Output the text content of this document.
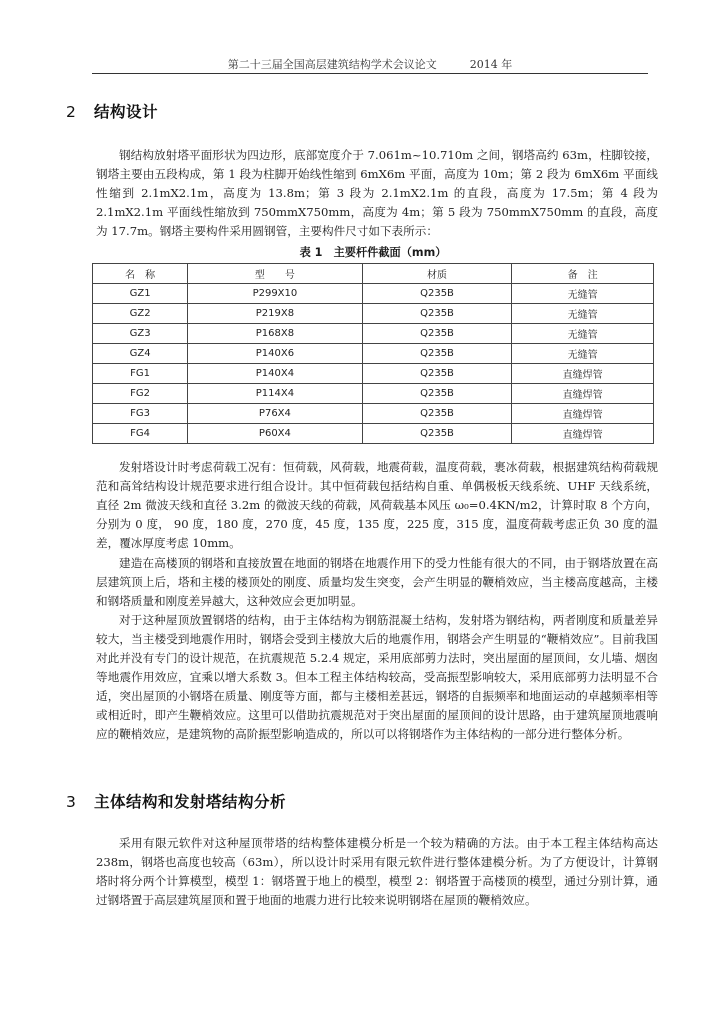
第二十三届全国高层建筑结构学术会议论文　　　2014 年
2 结构设计

钢结构放射塔平面形状为四边形，底部宽度介于 7.061m~10.710m 之间，钢塔高约 63m，柱脚铰接，钢塔主要由五段构成，第 1 段为柱脚开始线性缩到 6mX6m 平面，高度为 10m；第 2 段为 6mX6m 平面线性缩到 2.1mX2.1m，高度为 13.8m；第 3 段为 2.1mX2.1m 的直段，高度为 17.5m；第 4 段为 2.1mX2.1m 平面线性缩放到 750mmX750mm，高度为 4m；第 5 段为 750mmX750mm 的直段，高度为 17.7m。钢塔主要构件采用圆钢管，主要构件尺寸如下表所示：

表 1　主要杆件截面（mm）
名　称	型　　号	材质	备　注
GZ1	P299X10	Q235B	无缝管
GZ2	P219X8	Q235B	无缝管
GZ3	P168X8	Q235B	无缝管
GZ4	P140X6	Q235B	无缝管
FG1	P140X4	Q235B	直缝焊管
FG2	P114X4	Q235B	直缝焊管
FG3	P76X4	Q235B	直缝焊管
FG4	P60X4	Q235B	直缝焊管

发射塔设计时考虑荷载工况有：恒荷载，风荷载，地震荷载，温度荷载，裹冰荷载，根据建筑结构荷载规范和高耸结构设计规范要求进行组合设计。其中恒荷载包括结构自重、单偶极板天线系统、UHF 天线系统，直径 2m 微波天线和直径 3.2m 的微波天线的荷载，风荷载基本风压 ω₀=0.4KN/m2，计算时取 8 个方向，分别为 0 度， 90 度，180 度，270 度，45 度，135 度，225 度，315 度，温度荷载考虑正负 30 度的温差，覆冰厚度考虑 10mm。

建造在高楼顶的钢塔和直接放置在地面的钢塔在地震作用下的受力性能有很大的不同，由于钢塔放置在高层建筑顶上后，塔和主楼的楼顶处的刚度、质量均发生突变，会产生明显的鞭梢效应，当主楼高度越高，主楼和钢塔质量和刚度差异越大，这种效应会更加明显。

对于这种屋顶放置钢塔的结构，由于主体结构为钢筋混凝土结构，发射塔为钢结构，两者刚度和质量差异较大，当主楼受到地震作用时，钢塔会受到主楼放大后的地震作用，钢塔会产生明显的“鞭梢效应”。目前我国对此并没有专门的设计规范，在抗震规范 5.2.4 规定，采用底部剪力法时，突出屋面的屋顶间，女儿墙、烟囱等地震作用效应，宜乘以增大系数 3。但本工程主体结构较高，受高振型影响较大，采用底部剪力法明显不合适，突出屋顶的小钢塔在质量、刚度等方面，都与主楼相差甚远，钢塔的自振频率和地面运动的卓越频率相等或相近时，即产生鞭梢效应。这里可以借助抗震规范对于突出屋面的屋顶间的设计思路，由于建筑屋顶地震响应的鞭梢效应，是建筑物的高阶振型影响造成的，所以可以将钢塔作为主体结构的一部分进行整体分析。

3 主体结构和发射塔结构分析

采用有限元软件对这种屋顶带塔的结构整体建模分析是一个较为精确的方法。由于本工程主体结构高达 238m，钢塔也高度也较高（63m），所以设计时采用有限元软件进行整体建模分析。为了方便设计，计算钢塔时将分两个计算模型，模型 1：钢塔置于地上的模型，模型 2：钢塔置于高楼顶的模型，通过分别计算，通过钢塔置于高层建筑屋顶和置于地面的地震力进行比较来说明钢塔在屋顶的鞭梢效应。
